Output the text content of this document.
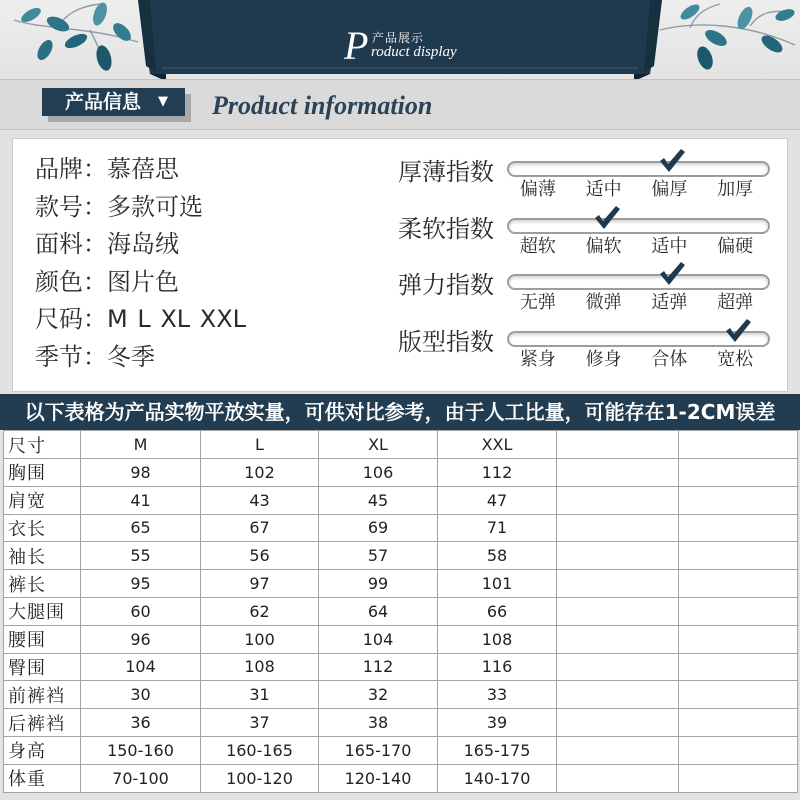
产品展示
P roduct display
产品信息 ▼ Product information
品牌：慕蓓思
款号：多款可选
面料：海岛绒
颜色：图片色
尺码：M L XL XXL
季节：冬季
厚薄指数
偏薄	适中	偏厚	加厚
柔软指数
超软	偏软	适中	偏硬
弹力指数
无弹	微弹	适弹	超弹
版型指数
紧身	修身	合体	宽松
以下表格为产品实物平放实量，可供对比参考，由于人工比量，可能存在1-2CM误差
尺寸	M	L	XL	XXL		
胸围	98	102	106	112		
肩宽	41	43	45	47		
衣长	65	67	69	71		
袖长	55	56	57	58		
裤长	95	97	99	101		
大腿围	60	62	64	66		
腰围	96	100	104	108		
臀围	104	108	112	116		
前裤裆	30	31	32	33		
后裤裆	36	37	38	39		
身高	150-160	160-165	165-170	165-175		
体重	70-100	100-120	120-140	140-170		
